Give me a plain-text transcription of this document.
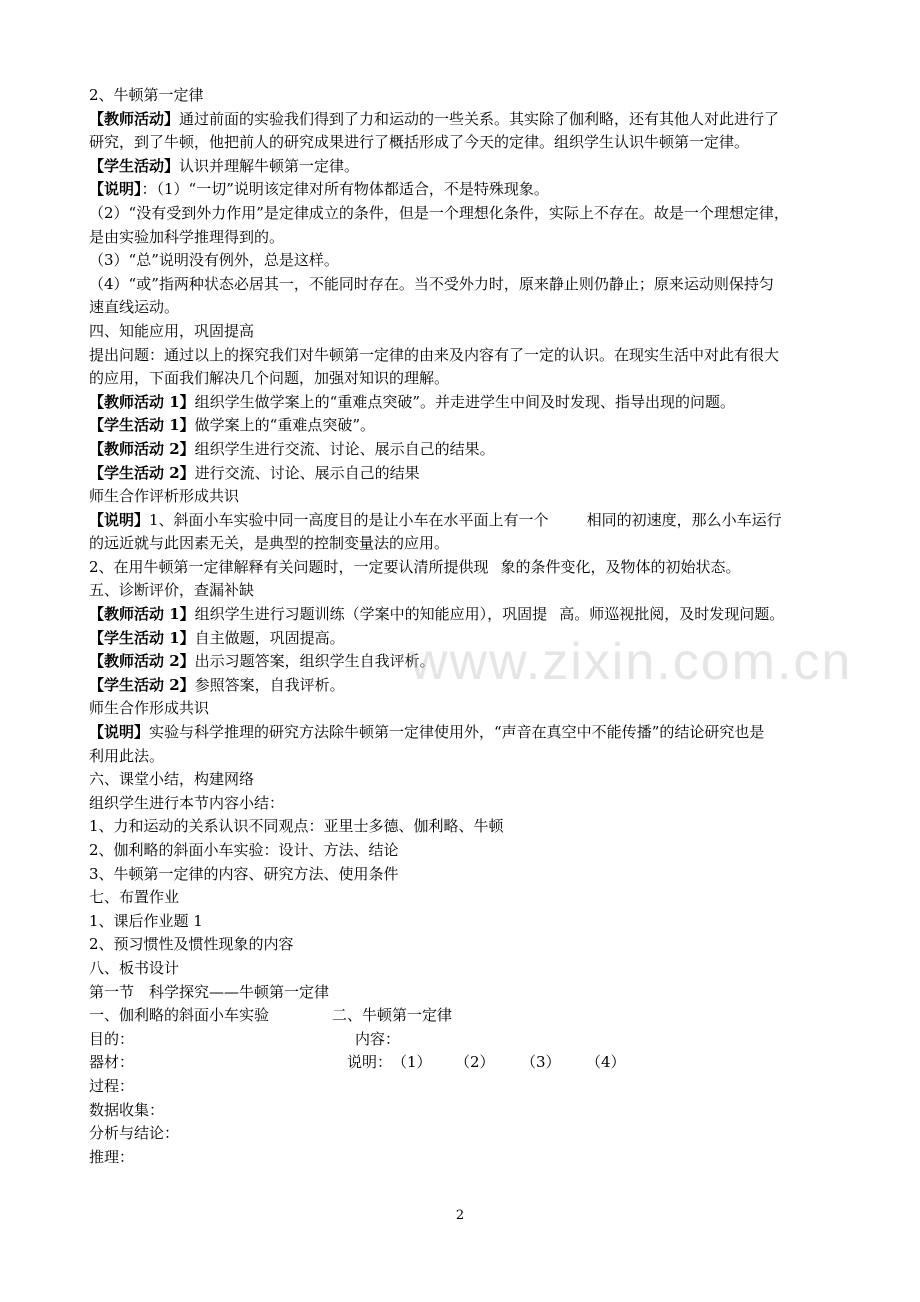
2、牛顿第一定律
【教师活动】通过前面的实验我们得到了力和运动的一些关系。其实除了伽利略，还有其他人对此进行了
研究，到了牛顿，他把前人的研究成果进行了概括形成了今天的定律。组织学生认识牛顿第一定律。
【学生活动】认识并理解牛顿第一定律。
【说明】：（1）“一切”说明该定律对所有物体都适合，不是特殊现象。
（2）“没有受到外力作用”是定律成立的条件，但是一个理想化条件，实际上不存在。故是一个理想定律，
是由实验加科学推理得到的。
（3）“总”说明没有例外，总是这样。
（4）“或”指两种状态必居其一，不能同时存在。当不受外力时，原来静止则仍静止；原来运动则保持匀
速直线运动。
四、知能应用，巩固提高
提出问题：通过以上的探究我们对牛顿第一定律的由来及内容有了一定的认识。在现实生活中对此有很大
的应用，下面我们解决几个问题，加强对知识的理解。
【教师活动 1】组织学生做学案上的“重难点突破”。并走进学生中间及时发现、指导出现的问题。
【学生活动 1】做学案上的“重难点突破”。
【教师活动 2】组织学生进行交流、讨论、展示自己的结果。
【学生活动 2】进行交流、讨论、展示自己的结果
师生合作评析形成共识
【说明】1、斜面小车实验中同一高度目的是让小车在水平面上有一个	相同的初速度，那么小车运行
的远近就与此因素无关，是典型的控制变量法的应用。
2、在用牛顿第一定律解释有关问题时，一定要认清所提供现 象的条件变化，及物体的初始状态。
五、诊断评价，查漏补缺
【教师活动 1】组织学生进行习题训练（学案中的知能应用），巩固提 高。师巡视批阅，及时发现问题。
【学生活动 1】自主做题，巩固提高。
【教师活动 2】出示习题答案，组织学生自我评析。
【学生活动 2】参照答案，自我评析。
师生合作形成共识
【说明】实验与科学推理的研究方法除牛顿第一定律使用外，“声音在真空中不能传播”的结论研究也是
利用此法。
六、课堂小结，构建网络
组织学生进行本节内容小结：
1、力和运动的关系认识不同观点：亚里士多德、伽利略、牛顿
2、伽利略的斜面小车实验：设计、方法、结论
3、牛顿第一定律的内容、研究方法、使用条件
七、布置作业
1、课后作业题 1
2、预习惯性及惯性现象的内容
八、板书设计
第一节　科学探究——牛顿第一定律
一、伽利略的斜面小车实验	二、牛顿第一定律
目的：	内容：
器材：	说明： （1） （2） （3） （4）
过程：
数据收集：
分析与结论：
推理：
www.zixin.com.cn
2
